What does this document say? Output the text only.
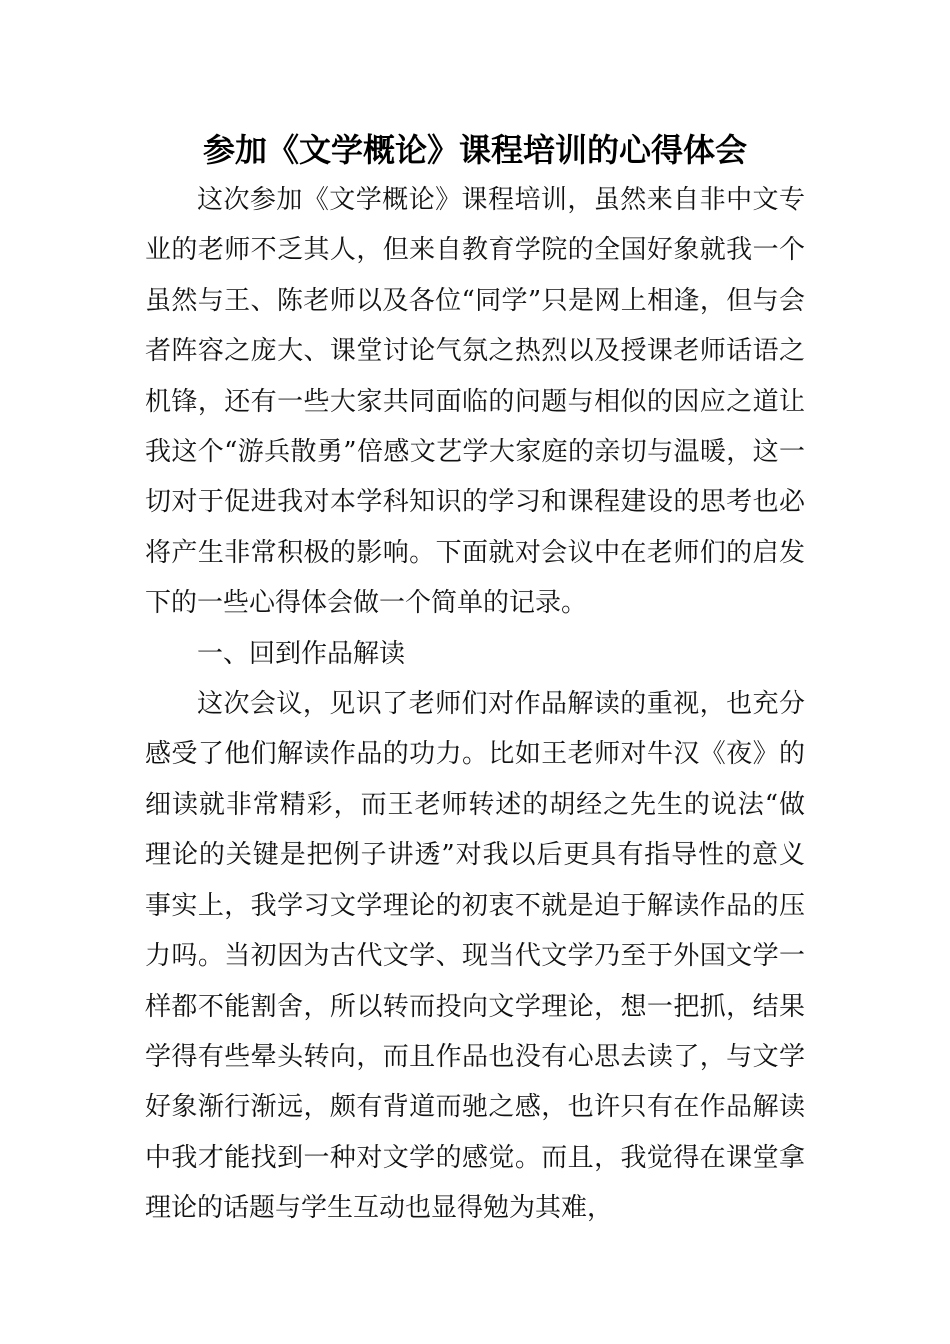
参加《文学概论》课程培训的心得体会

这次参加《文学概论》课程培训，虽然来自非中文专业的老师不乏其人，但来自教育学院的全国好象就我一个虽然与王、陈老师以及各位“同学”只是网上相逢，但与会者阵容之庞大、课堂讨论气氛之热烈以及授课老师话语之机锋，还有一些大家共同面临的问题与相似的因应之道让我这个“游兵散勇”倍感文艺学大家庭的亲切与温暖，这一切对于促进我对本学科知识的学习和课程建设的思考也必将产生非常积极的影响。下面就对会议中在老师们的启发下的一些心得体会做一个简单的记录。

一、回到作品解读

这次会议，见识了老师们对作品解读的重视，也充分感受了他们解读作品的功力。比如王老师对牛汉《夜》的细读就非常精彩，而王老师转述的胡经之先生的说法“做理论的关键是把例子讲透”对我以后更具有指导性的意义事实上，我学习文学理论的初衷不就是迫于解读作品的压力吗。当初因为古代文学、现当代文学乃至于外国文学一样都不能割舍，所以转而投向文学理论，想一把抓，结果学得有些晕头转向，而且作品也没有心思去读了，与文学好象渐行渐远，颇有背道而驰之感，也许只有在作品解读中我才能找到一种对文学的感觉。而且，我觉得在课堂拿理论的话题与学生互动也显得勉为其难，
